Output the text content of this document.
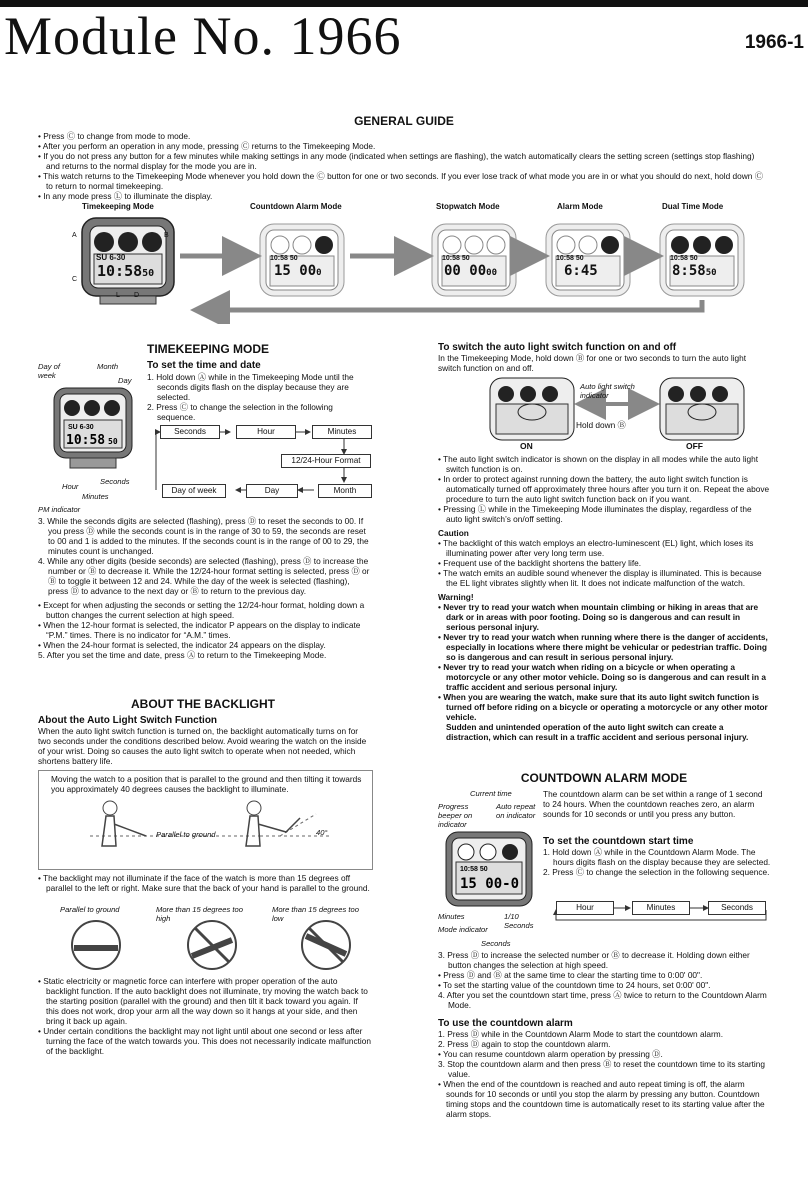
Module No. 1966	1966-1
GENERAL GUIDE

• Press Ⓒ to change from mode to mode.

• After you perform an operation in any mode, pressing Ⓒ returns to the Timekeeping Mode.

• If you do not press any button for a few minutes while making settings in any mode (indicated when settings are flashing), the watch automatically clears the setting screen (settings stop flashing) and returns to the normal display for the mode you are in.

• This watch returns to the Timekeeping Mode whenever you hold down the Ⓒ button for one or two seconds. If you ever lose track of what mode you are in or what you should do next, hold down Ⓒ to return to normal timekeeping.

• In any mode press Ⓛ to illuminate the display.

Timekeeping Mode	Countdown Alarm Mode	Stopwatch Mode	Alarm Mode	Dual Time Mode
SU 6-30
10:5850
10:58 50
15 000
10:58 50
00 0000
10:58 50
6:45
10:58 50
8:5850
A	B
C
L D
TIMEKEEPING MODE
Day of week
Month
Day
SU 6-30
10:58 50
Hour
Minutes
Seconds
PM indicator
To set the time and date

1. Hold down Ⓐ while in the Timekeeping Mode until the seconds digits flash on the display because they are selected.

2. Press Ⓒ to change the selection in the following sequence.

Seconds	Hour	Minutes
12/24-Hour Format
Day of week	Day	Month

3. While the seconds digits are selected (flashing), press Ⓓ to reset the seconds to 00. If you press Ⓓ while the seconds count is in the range of 30 to 59, the seconds are reset to 00 and 1 is added to the minutes. If the seconds count is in the range of 00 to 29, the minutes count is unchanged.

4. While any other digits (beside seconds) are selected (flashing), press Ⓓ to increase the number or Ⓑ to decrease it. While the 12/24-hour format setting is selected, press Ⓓ or Ⓑ to toggle it between 12 and 24. While the day of the week is selected (flashing), press Ⓓ to advance to the next day or Ⓑ to return to the previous day.

• Except for when adjusting the seconds or setting the 12/24-hour format, holding down a button changes the current selection at high speed.

• When the 12-hour format is selected, the indicator P appears on the display to indicate “P.M.” times. There is no indicator for “A.M.” times.

• When the 24-hour format is selected, the indicator 24 appears on the display.

5. After you set the time and date, press Ⓐ to return to the Timekeeping Mode.

ABOUT THE BACKLIGHT
About the Auto Light Switch Function
When the auto light switch function is turned on, the backlight automatically turns on for two seconds under the conditions described below. Avoid wearing the watch on the inside of your wrist. Doing so causes the auto light switch to operate when not needed, which shortens battery life.
Moving the watch to a position that is parallel to the ground and then tilting it towards you approximately 40 degrees causes the backlight to illuminate.
Parallel to ground	40°

• The backlight may not illuminate if the face of the watch is more than 15 degrees off parallel to the left or right. Make sure that the back of your hand is parallel to the ground.

Parallel to ground	More than 15 degrees too high
More than 15 degrees too low

• Static electricity or magnetic force can interfere with proper operation of the auto backlight function. If the auto backlight does not illuminate, try moving the watch back to the starting position (parallel with the ground) and then tilt it back toward you again. If this does not work, drop your arm all the way down so it hangs at your side, and then bring it back up again.

• Under certain conditions the backlight may not light until about one second or less after turning the face of the watch towards you. This does not necessarily indicate malfunction of the backlight.

To switch the auto light switch function on and off
In the Timekeeping Mode, hold down Ⓑ for one or two seconds to turn the auto light switch function on and off.
Auto light switch indicator
Hold down Ⓑ
ON	OFF

• The auto light switch indicator is shown on the display in all modes while the auto light switch function is on.

• In order to protect against running down the battery, the auto light switch function is automatically turned off approximately three hours after you turn it on. Repeat the above procedure to turn the auto light switch function back on if you want.

• Pressing Ⓛ while in the Timekeeping Mode illuminates the display, regardless of the auto light switch’s on/off setting.

Caution

• The backlight of this watch employs an electro-luminescent (EL) light, which loses its illuminating power after very long term use.

• Frequent use of the backlight shortens the battery life.

• The watch emits an audible sound whenever the display is illuminated. This is because the EL light vibrates slightly when lit. It does not indicate malfunction of the watch.

Warning!

• Never try to read your watch when mountain climbing or hiking in areas that are dark or in areas with poor footing. Doing so is dangerous and can result in serious personal injury.

• Never try to read your watch when running where there is the danger of accidents, especially in locations where there might be vehicular or pedestrian traffic. Doing so is dangerous and can result in serious personal injury.

• Never try to read your watch when riding on a bicycle or when operating a motorcycle or any other motor vehicle. Doing so is dangerous and can result in a traffic accident and serious personal injury.

• When you are wearing the watch, make sure that its auto light switch function is turned off before riding on a bicycle or operating a motorcycle or any other motor vehicle.

Sudden and unintended operation of the auto light switch can create a distraction, which can result in a traffic accident and serious personal injury.

COUNTDOWN ALARM MODE
Current time
Progress beeper on indicator
Auto repeat on indicator
10:58 50
15 00-0
Minutes
Mode indicator
1/10 Seconds
Seconds
The countdown alarm can be set within a range of 1 second to 24 hours. When the countdown reaches zero, an alarm sounds for 10 seconds or until you press any button.
To set the countdown start time

1. Hold down Ⓐ while in the Countdown Alarm Mode. The hours digits flash on the display because they are selected.

2. Press Ⓒ to change the selection in the following sequence.

Hour	Minutes	Seconds

3. Press Ⓓ to increase the selected number or Ⓑ to decrease it. Holding down either button changes the selection at high speed.

• Press Ⓓ and Ⓑ at the same time to clear the starting time to 0:00' 00".

• To set the starting value of the countdown time to 24 hours, set 0:00' 00".

4. After you set the countdown start time, press Ⓐ twice to return to the Countdown Alarm Mode.

To use the countdown alarm

1. Press Ⓓ while in the Countdown Alarm Mode to start the countdown alarm.

2. Press Ⓓ again to stop the countdown alarm.

• You can resume countdown alarm operation by pressing Ⓓ.

3. Stop the countdown alarm and then press Ⓑ to reset the countdown time to its starting value.

• When the end of the countdown is reached and auto repeat timing is off, the alarm sounds for 10 seconds or until you stop the alarm by pressing any button. Countdown timing stops and the countdown time is automatically reset to its starting value after the alarm stops.
